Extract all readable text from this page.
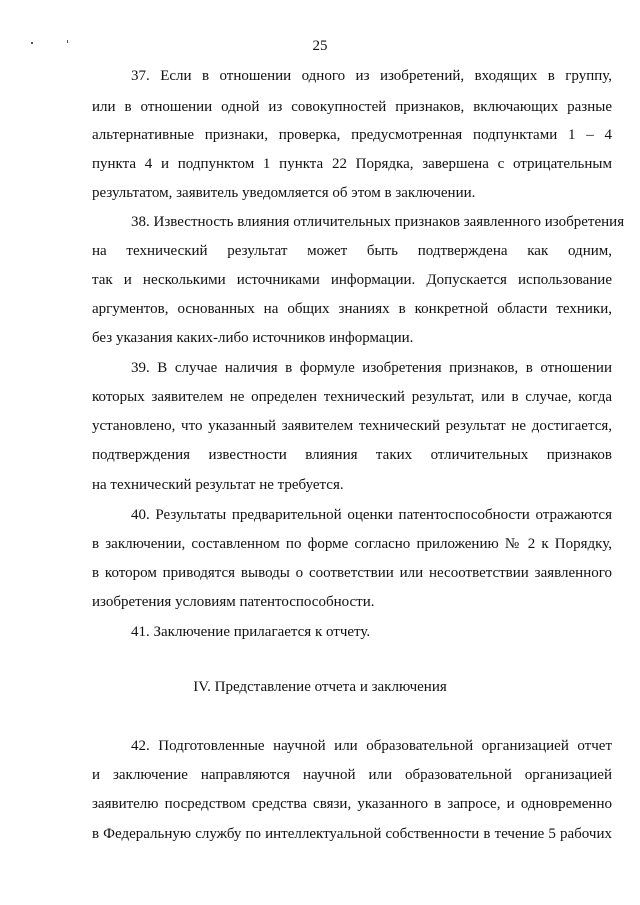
25
37. Если в отношении одного из изобретений, входящих в группу,
или в отношении одной из совокупностей признаков, включающих разные
альтернативные признаки, проверка, предусмотренная подпунктами 1 – 4
пункта 4 и подпунктом 1 пункта 22 Порядка, завершена с отрицательным
результатом, заявитель уведомляется об этом в заключении.
38. Известность влияния отличительных признаков заявленного изобретения
на технический результат может быть подтверждена как одним,
так и несколькими источниками информации. Допускается использование
аргументов, основанных на общих знаниях в конкретной области техники,
без указания каких-либо источников информации.
39. В случае наличия в формуле изобретения признаков, в отношении
которых заявителем не определен технический результат, или в случае, когда
установлено, что указанный заявителем технический результат не достигается,
подтверждения известности влияния таких отличительных признаков
на технический результат не требуется.
40. Результаты предварительной оценки патентоспособности отражаются
в заключении, составленном по форме согласно приложению № 2 к Порядку,
в котором приводятся выводы о соответствии или несоответствии заявленного
изобретения условиям патентоспособности.
41. Заключение прилагается к отчету.
IV. Представление отчета и заключения
42. Подготовленные научной или образовательной организацией отчет
и заключение направляются научной или образовательной организацией
заявителю посредством средства связи, указанного в запросе, и одновременно
в Федеральную службу по интеллектуальной собственности в течение 5 рабочих
